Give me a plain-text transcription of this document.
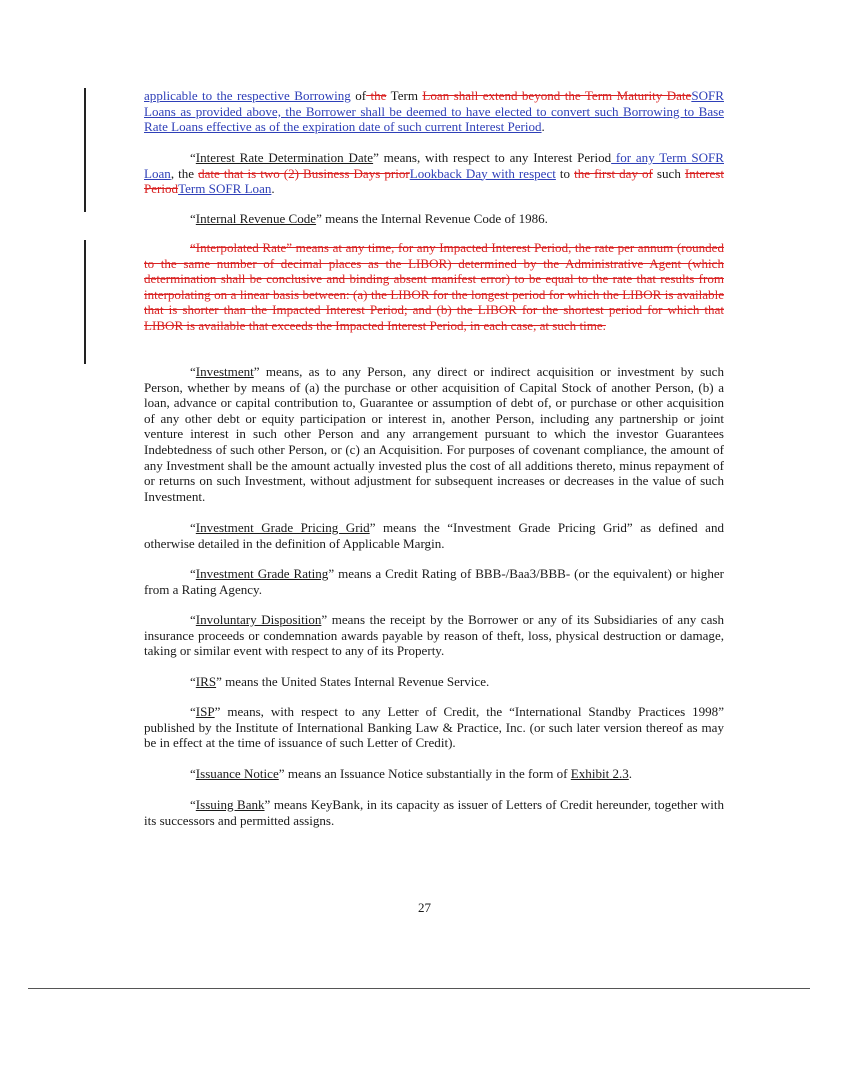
applicable to the respective Borrowing of the Term Loan shall extend beyond the Term Maturity DateSOFR Loans as provided above, the Borrower shall be deemed to have elected to convert such Borrowing to Base Rate Loans effective as of the expiration date of such current Interest Period.

“Interest Rate Determination Date” means, with respect to any Interest Period for any Term SOFR Loan, the date that is two (2) Business Days priorLookback Day with respect to the first day of such Interest PeriodTerm SOFR Loan.

“Internal Revenue Code” means the Internal Revenue Code of 1986.

“Interpolated Rate” means at any time, for any Impacted Interest Period, the rate per annum (rounded to the same number of decimal places as the LIBOR) determined by the Administrative Agent (which determination shall be conclusive and binding absent manifest error) to be equal to the rate that results from interpolating on a linear basis between: (a) the LIBOR for the longest period for which the LIBOR is available that is shorter than the Impacted Interest Period; and (b) the LIBOR for the shortest period for which that LIBOR is available that exceeds the Impacted Interest Period, in each case, at such time.

“Investment” means, as to any Person, any direct or indirect acquisition or investment by such Person, whether by means of (a) the purchase or other acquisition of Capital Stock of another Person, (b) a loan, advance or capital contribution to, Guarantee or assumption of debt of, or purchase or other acquisition of any other debt or equity participation or interest in, another Person, including any partnership or joint venture interest in such other Person and any arrangement pursuant to which the investor Guarantees Indebtedness of such other Person, or (c) an Acquisition. For purposes of covenant compliance, the amount of any Investment shall be the amount actually invested plus the cost of all additions thereto, minus repayment of or returns on such Investment, without adjustment for subsequent increases or decreases in the value of such Investment.

“Investment Grade Pricing Grid” means the “Investment Grade Pricing Grid” as defined and otherwise detailed in the definition of Applicable Margin.

“Investment Grade Rating” means a Credit Rating of BBB-/Baa3/BBB- (or the equivalent) or higher from a Rating Agency.

“Involuntary Disposition” means the receipt by the Borrower or any of its Subsidiaries of any cash insurance proceeds or condemnation awards payable by reason of theft, loss, physical destruction or damage, taking or similar event with respect to any of its Property.

“IRS” means the United States Internal Revenue Service.

“ISP” means, with respect to any Letter of Credit, the “International Standby Practices 1998” published by the Institute of International Banking Law & Practice, Inc. (or such later version thereof as may be in effect at the time of issuance of such Letter of Credit).

“Issuance Notice” means an Issuance Notice substantially in the form of Exhibit 2.3.

“Issuing Bank” means KeyBank, in its capacity as issuer of Letters of Credit hereunder, together with its successors and permitted assigns.

27
